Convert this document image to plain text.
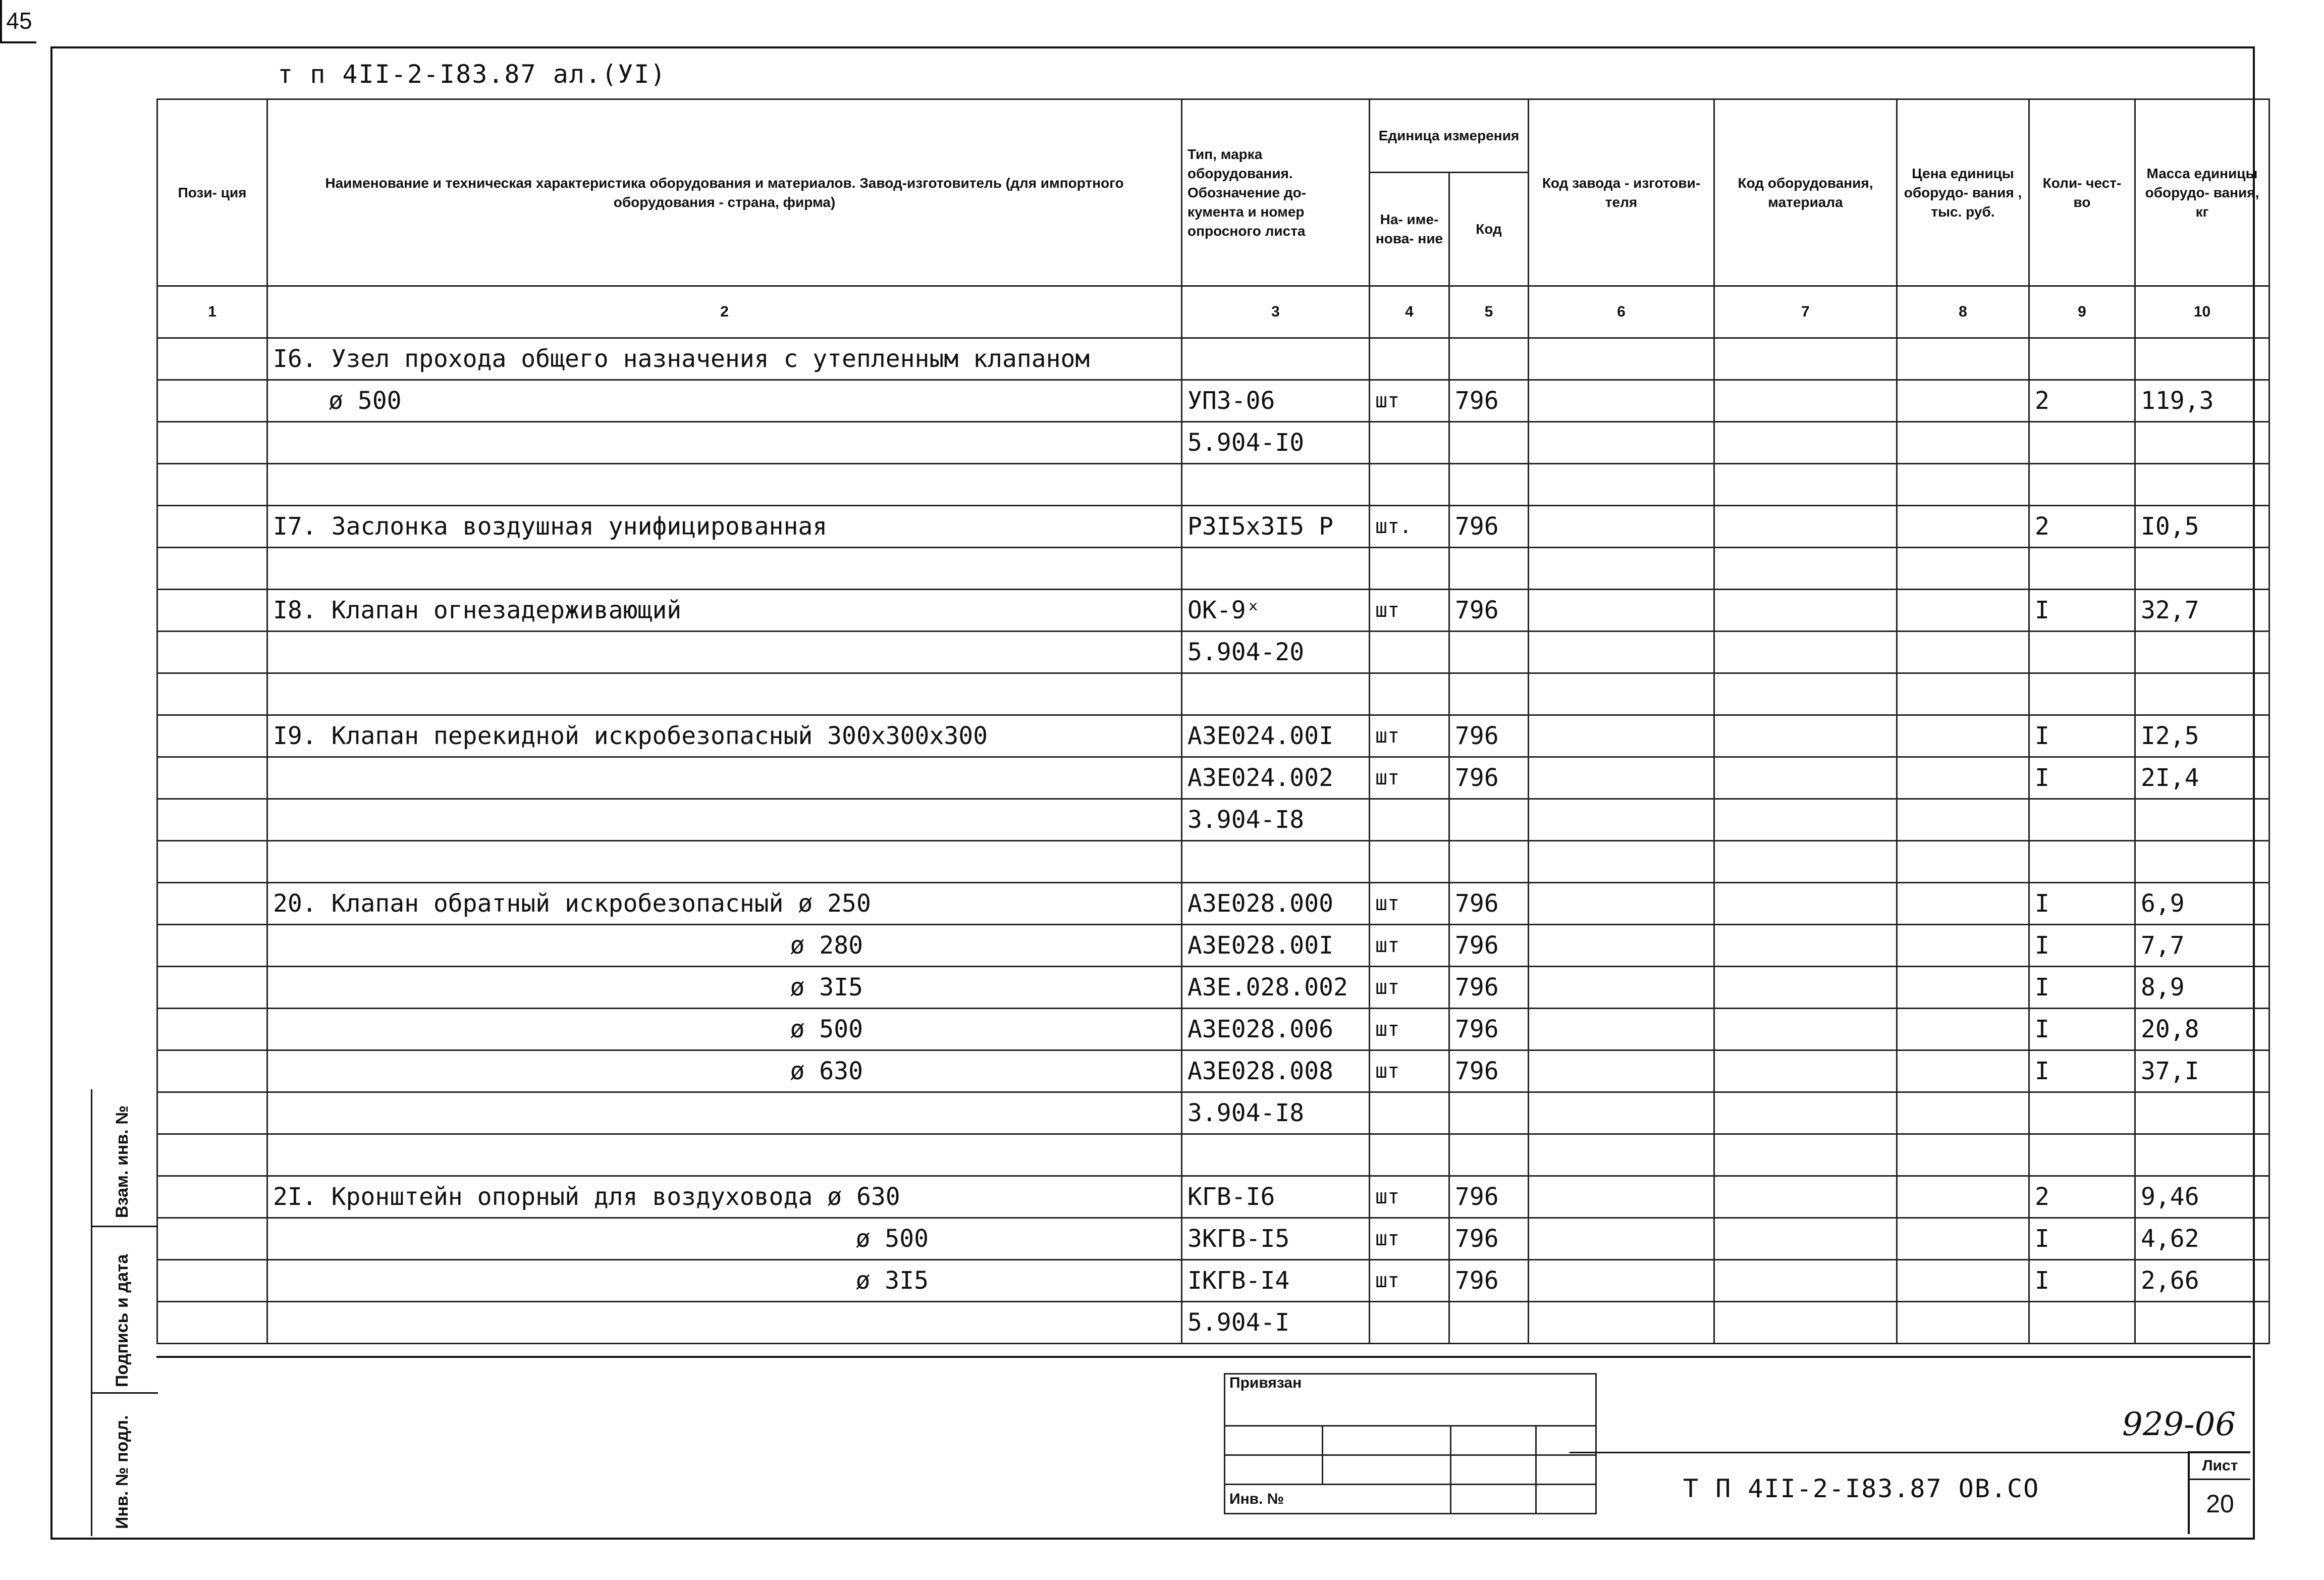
т п 4II-2-I83.87 ал.(УI)
45
Пози- ция	Наименование и техническая характеристика оборудования и материалов. Завод-изготовитель (для импортного оборудования - страна, фирма)	Тип, марка оборудования. Обозначение до- кумента и номер опросного листа	Единица измерения		Код завода - изготови- теля	Код оборудования, материала	Цена единицы оборудо- вания , тыс. руб.	Коли- чест- во	Масса единицы оборудо- вания, кг
			На- име- нова- ние	Код					
1	2	3	4	5	6	7	8	9	10
	I6. Узел прохода общего назначения с утепленным клапаном								
	ø 500	УПЗ-06	шт	796				2	119,3
		5.904-I0							

	I7. Заслонка воздушная унифицированная	Р3I5х3I5 Р	шт.	796				2	I0,5

	I8. Клапан огнезадерживающий	ОК-9ˣ	шт	796				I	32,7
		5.904-20							

	I9. Клапан перекидной искробезопасный 300х300х300	А3Е024.00I	шт	796				I	I2,5
		А3Е024.002	шт	796				I	2I,4
		3.904-I8							

	20. Клапан обратный искробезопасный ø 250	А3Е028.000	шт	796				I	6,9
	ø 280	А3Е028.00I	шт	796				I	7,7
	ø 3I5	А3Е.028.002	шт	796				I	8,9
	ø 500	А3Е028.006	шт	796				I	20,8
	ø 630	А3Е028.008	шт	796				I	37,I
		3.904-I8							

	2I. Кронштейн опорный для воздуховода ø 630	КГВ-I6	шт	796				2	9,46
	ø 500	3КГВ-I5	шт	796				I	4,62
	ø 3I5	IКГВ-I4	шт	796				I	2,66
		5.904-I							
Взам. инв. №
Подпись и дата
Инв. № подл.
Привязан			

Инв. №				Т П 4II-2-I83.87 ОВ.СО
929-06
Лист
20
